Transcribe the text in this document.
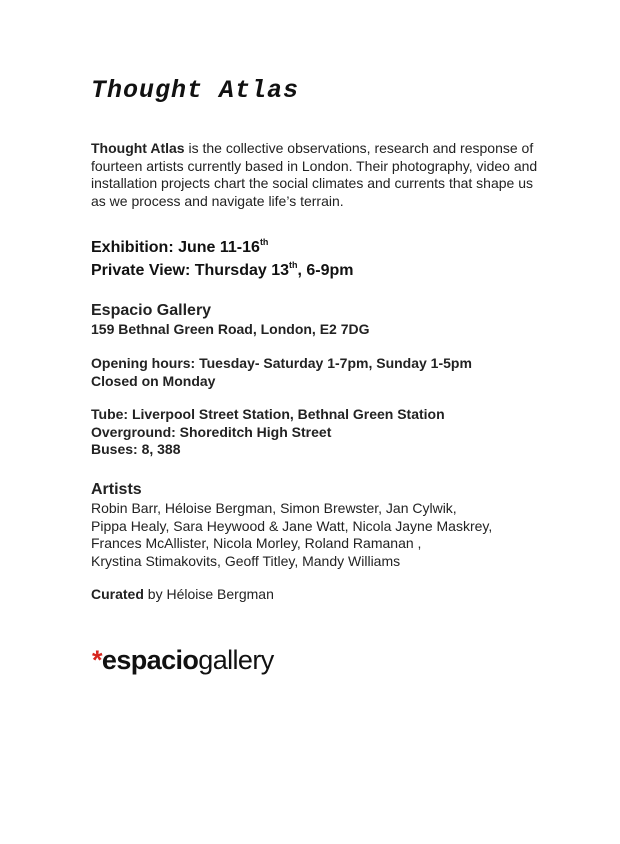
Thought Atlas

Thought Atlas is the collective observations, research and response of fourteen artists currently based in London. Their photography, video and installation projects chart the social climates and currents that shape us as we process and navigate life’s terrain.

Exhibition: June 11-16th
Private View: Thursday 13th, 6-9pm
Espacio Gallery
159 Bethnal Green Road, London, E2 7DG
Opening hours: Tuesday- Saturday 1-7pm, Sunday 1-5pm
Closed on Monday
Tube: Liverpool Street Station, Bethnal Green Station
Overground: Shoreditch High Street
Buses: 8, 388
Artists
Robin Barr, Héloise Bergman, Simon Brewster, Jan Cylwik,
Pippa Healy, Sara Heywood & Jane Watt, Nicola Jayne Maskrey,
Frances McAllister, Nicola Morley, Roland Ramanan ,
Krystina Stimakovits, Geoff Titley, Mandy Williams
Curated by Héloise Bergman
*espaciogallery
